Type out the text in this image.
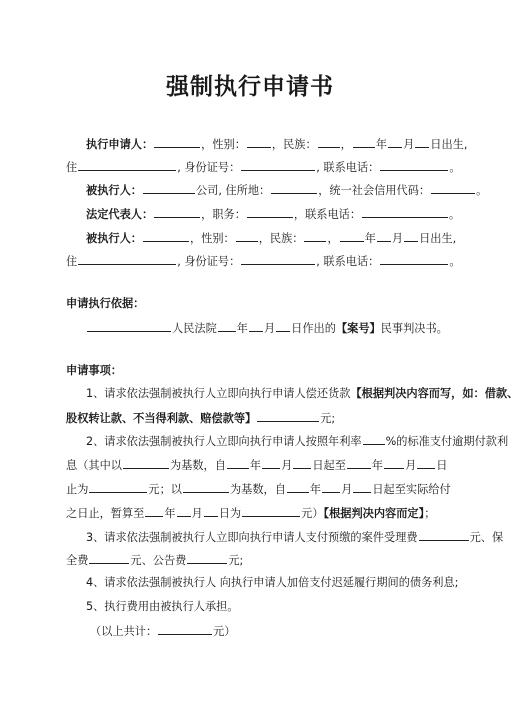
强制执行申请书
执行申请人：	，性别： ，民族： ， 年 月 日出生,
住	, 身份证号：	, 联系电话：	。
被执行人：	公司, 住所地：	，统一社会信用代码：	。
法定代表人：	，职务：	，联系电话：	。
被执行人：	，性别： ，民族： ， 年 月 日出生,
住	, 身份证号：	, 联系电话：	。
申请执行依据：
人民法院 年 月 日作出的【案号】民事判决书。
申请事项：
1、请求依法强制被执行人立即向执行申请人偿还货款【根据判决内容而写，如：借款、
股权转让款、不当得利款、赔偿款等】	元;
2、请求依法强制被执行人立即向执行申请人按照年利率 %的标准支付逾期付款利
息（其中以	为基数，自 年 月 日起至 年 月 日
止为	元；以	为基数，自 年 月 日起至实际给付
之日止，暂算至 年 月 日为	元）【根据判决内容而定】；
3、请求依法强制被执行人立即向执行申请人支付预缴的案件受理费	元、保
全费	元、公告费	元;
4、请求依法强制被执行人 向执行申请人加倍支付迟延履行期间的债务利息;
5、执行费用由被执行人承担。
（以上共计：	元）
